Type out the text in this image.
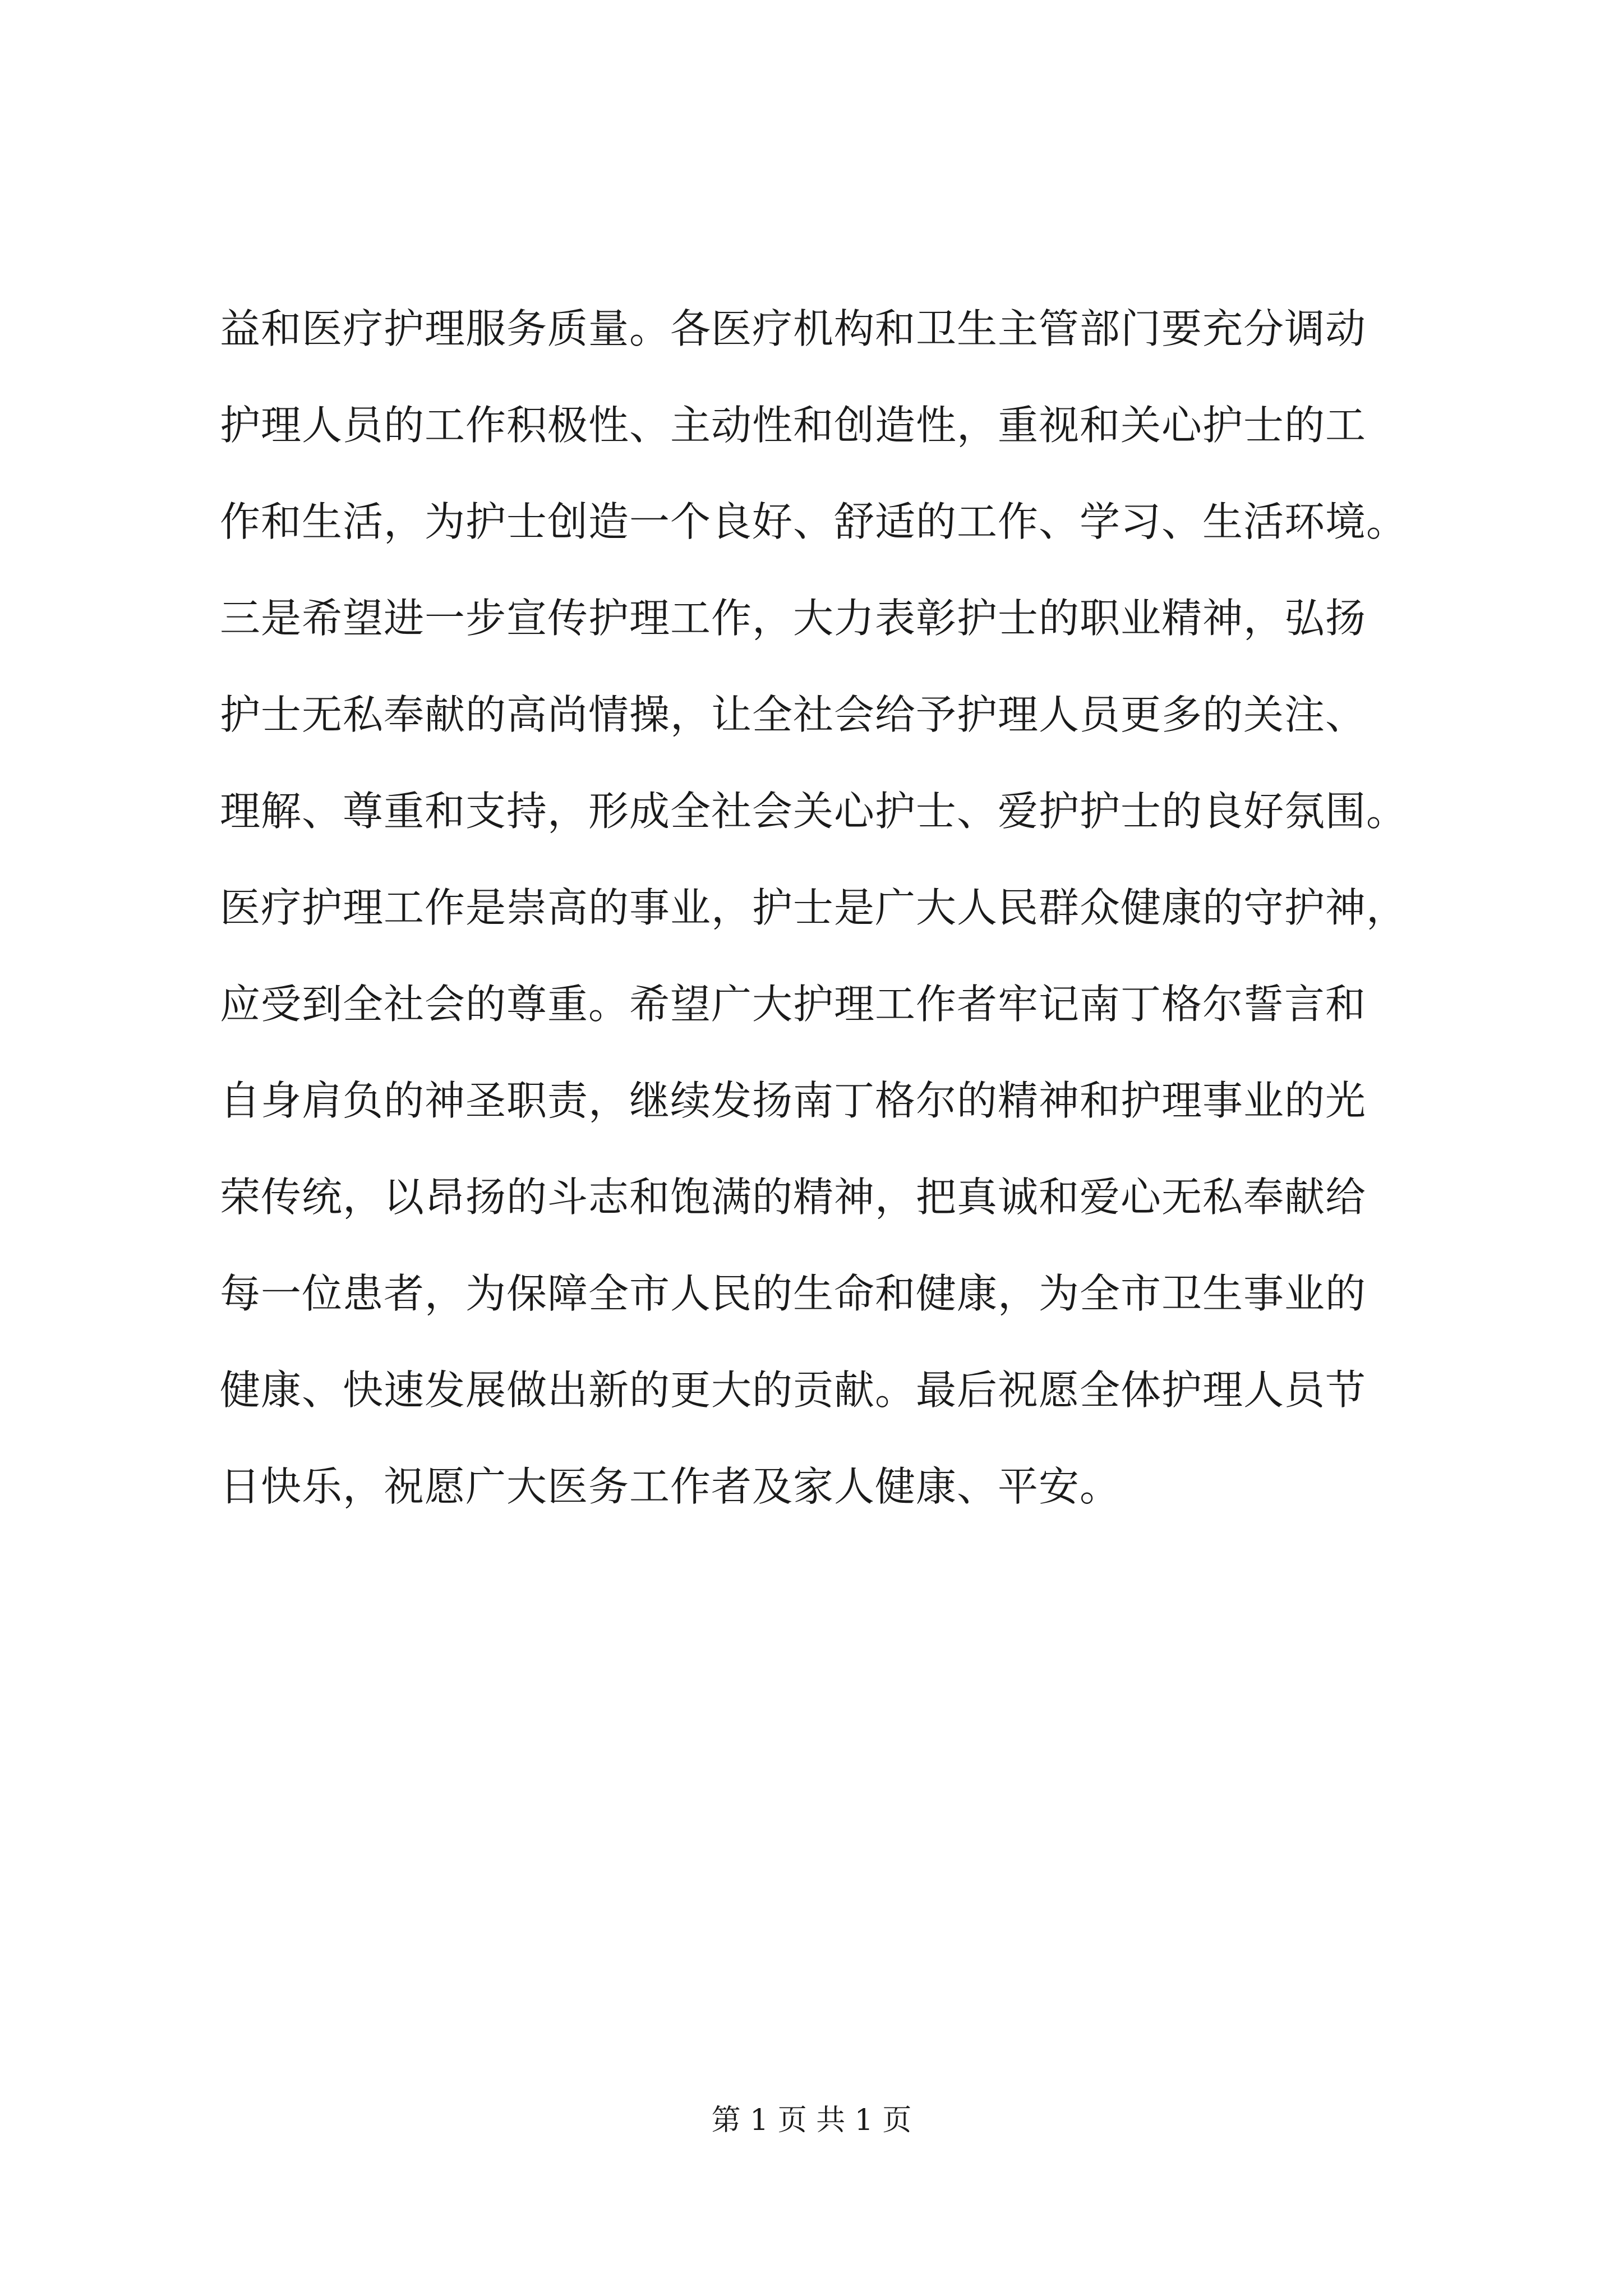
益和医疗护理服务质量。各医疗机构和卫生主管部门要充分调动
护理人员的工作积极性、主动性和创造性，重视和关心护士的工
作和生活，为护士创造一个良好、舒适的工作、学习、生活环境。
三是希望进一步宣传护理工作，大力表彰护士的职业精神，弘扬
护士无私奉献的高尚情操，让全社会给予护理人员更多的关注、
理解、尊重和支持，形成全社会关心护士、爱护护士的良好氛围。
医疗护理工作是崇高的事业，护士是广大人民群众健康的守护神，
应受到全社会的尊重。希望广大护理工作者牢记南丁格尔誓言和
自身肩负的神圣职责，继续发扬南丁格尔的精神和护理事业的光
荣传统，以昂扬的斗志和饱满的精神，把真诚和爱心无私奉献给
每一位患者，为保障全市人民的生命和健康，为全市卫生事业的
健康、快速发展做出新的更大的贡献。最后祝愿全体护理人员节
日快乐，祝愿广大医务工作者及家人健康、平安。
第 1 页 共 1 页
